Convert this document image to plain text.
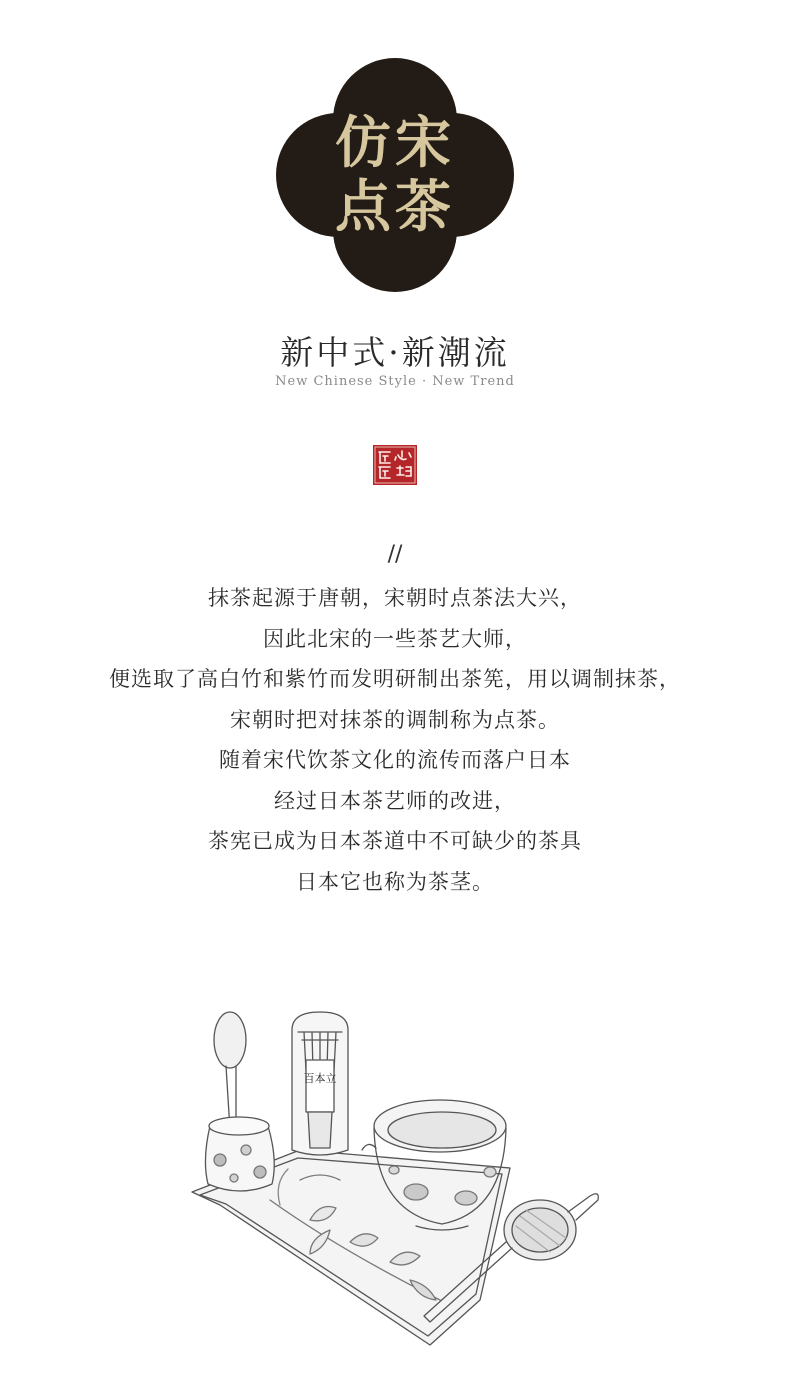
仿宋
点茶
新中式·新潮流
New Chinese Style · New Trend
//
抹茶起源于唐朝，宋朝时点茶法大兴，
因此北宋的一些茶艺大师，
便选取了高白竹和紫竹而发明研制出茶筅，用以调制抹茶，
宋朝时把对抹茶的调制称为点茶。
随着宋代饮茶文化的流传而落户日本
经过日本茶艺师的改进，
茶宪已成为日本茶道中不可缺少的茶具
日本它也称为茶茎。
百本立
